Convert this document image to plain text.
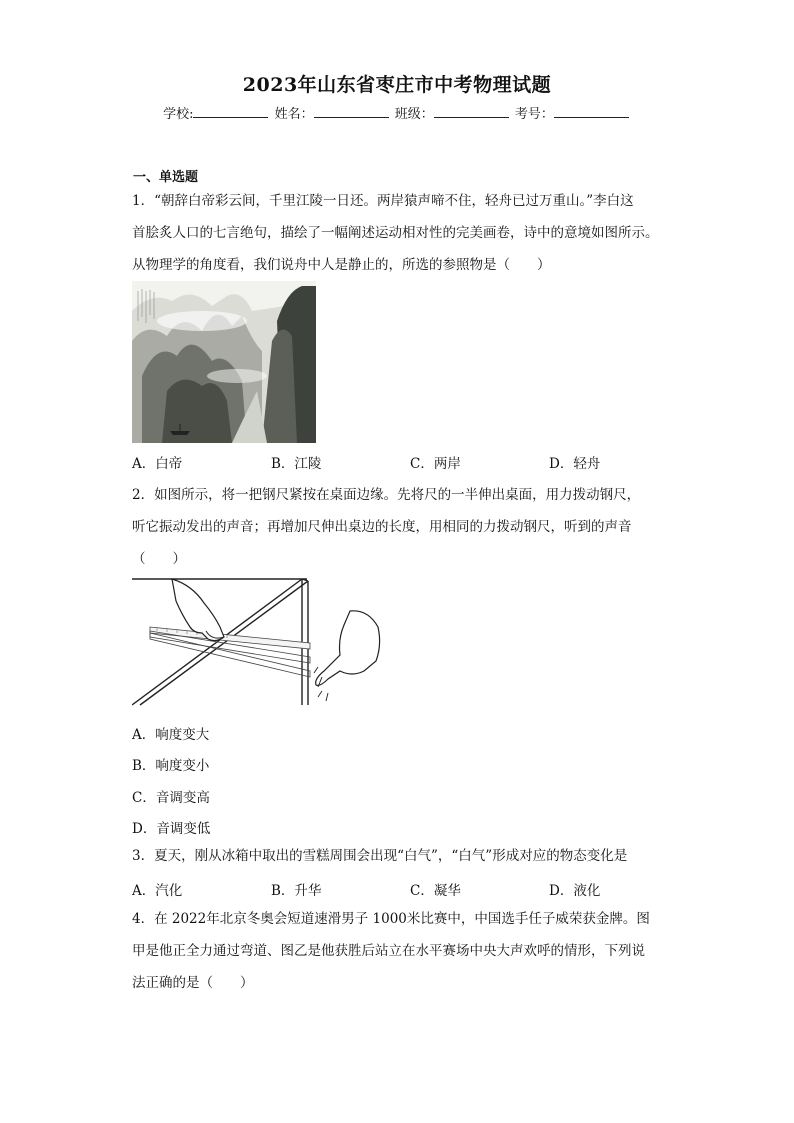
2023年山东省枣庄市中考物理试题
学校:	姓名：	班级：	考号：
一、单选题
1．“朝辞白帝彩云间，千里江陵一日还。两岸猿声啼不住，轻舟已过万重山。”李白这
首脍炙人口的七言绝句，描绘了一幅阐述运动相对性的完美画卷，诗中的意境如图所示。
从物理学的角度看，我们说舟中人是静止的，所选的参照物是（　　）
A．白帝	B．江陵	C．两岸	D．轻舟
2．如图所示，将一把钢尺紧按在桌面边缘。先将尺的一半伸出桌面，用力拨动钢尺，
听它振动发出的声音；再增加尺伸出桌边的长度，用相同的力拨动钢尺，听到的声音
（　　）
A．响度变大
B．响度变小
C．音调变高
D．音调变低
3．夏天，刚从冰箱中取出的雪糕周围会出现“白气”，“白气”形成对应的物态变化是
A．汽化	B．升华	C．凝华	D．液化
4．在 2022年北京冬奥会短道速滑男子 1000米比赛中，中国选手任子威荣获金牌。图
甲是他正全力通过弯道、图乙是他获胜后站立在水平赛场中央大声欢呼的情形，下列说
法正确的是（　　）
